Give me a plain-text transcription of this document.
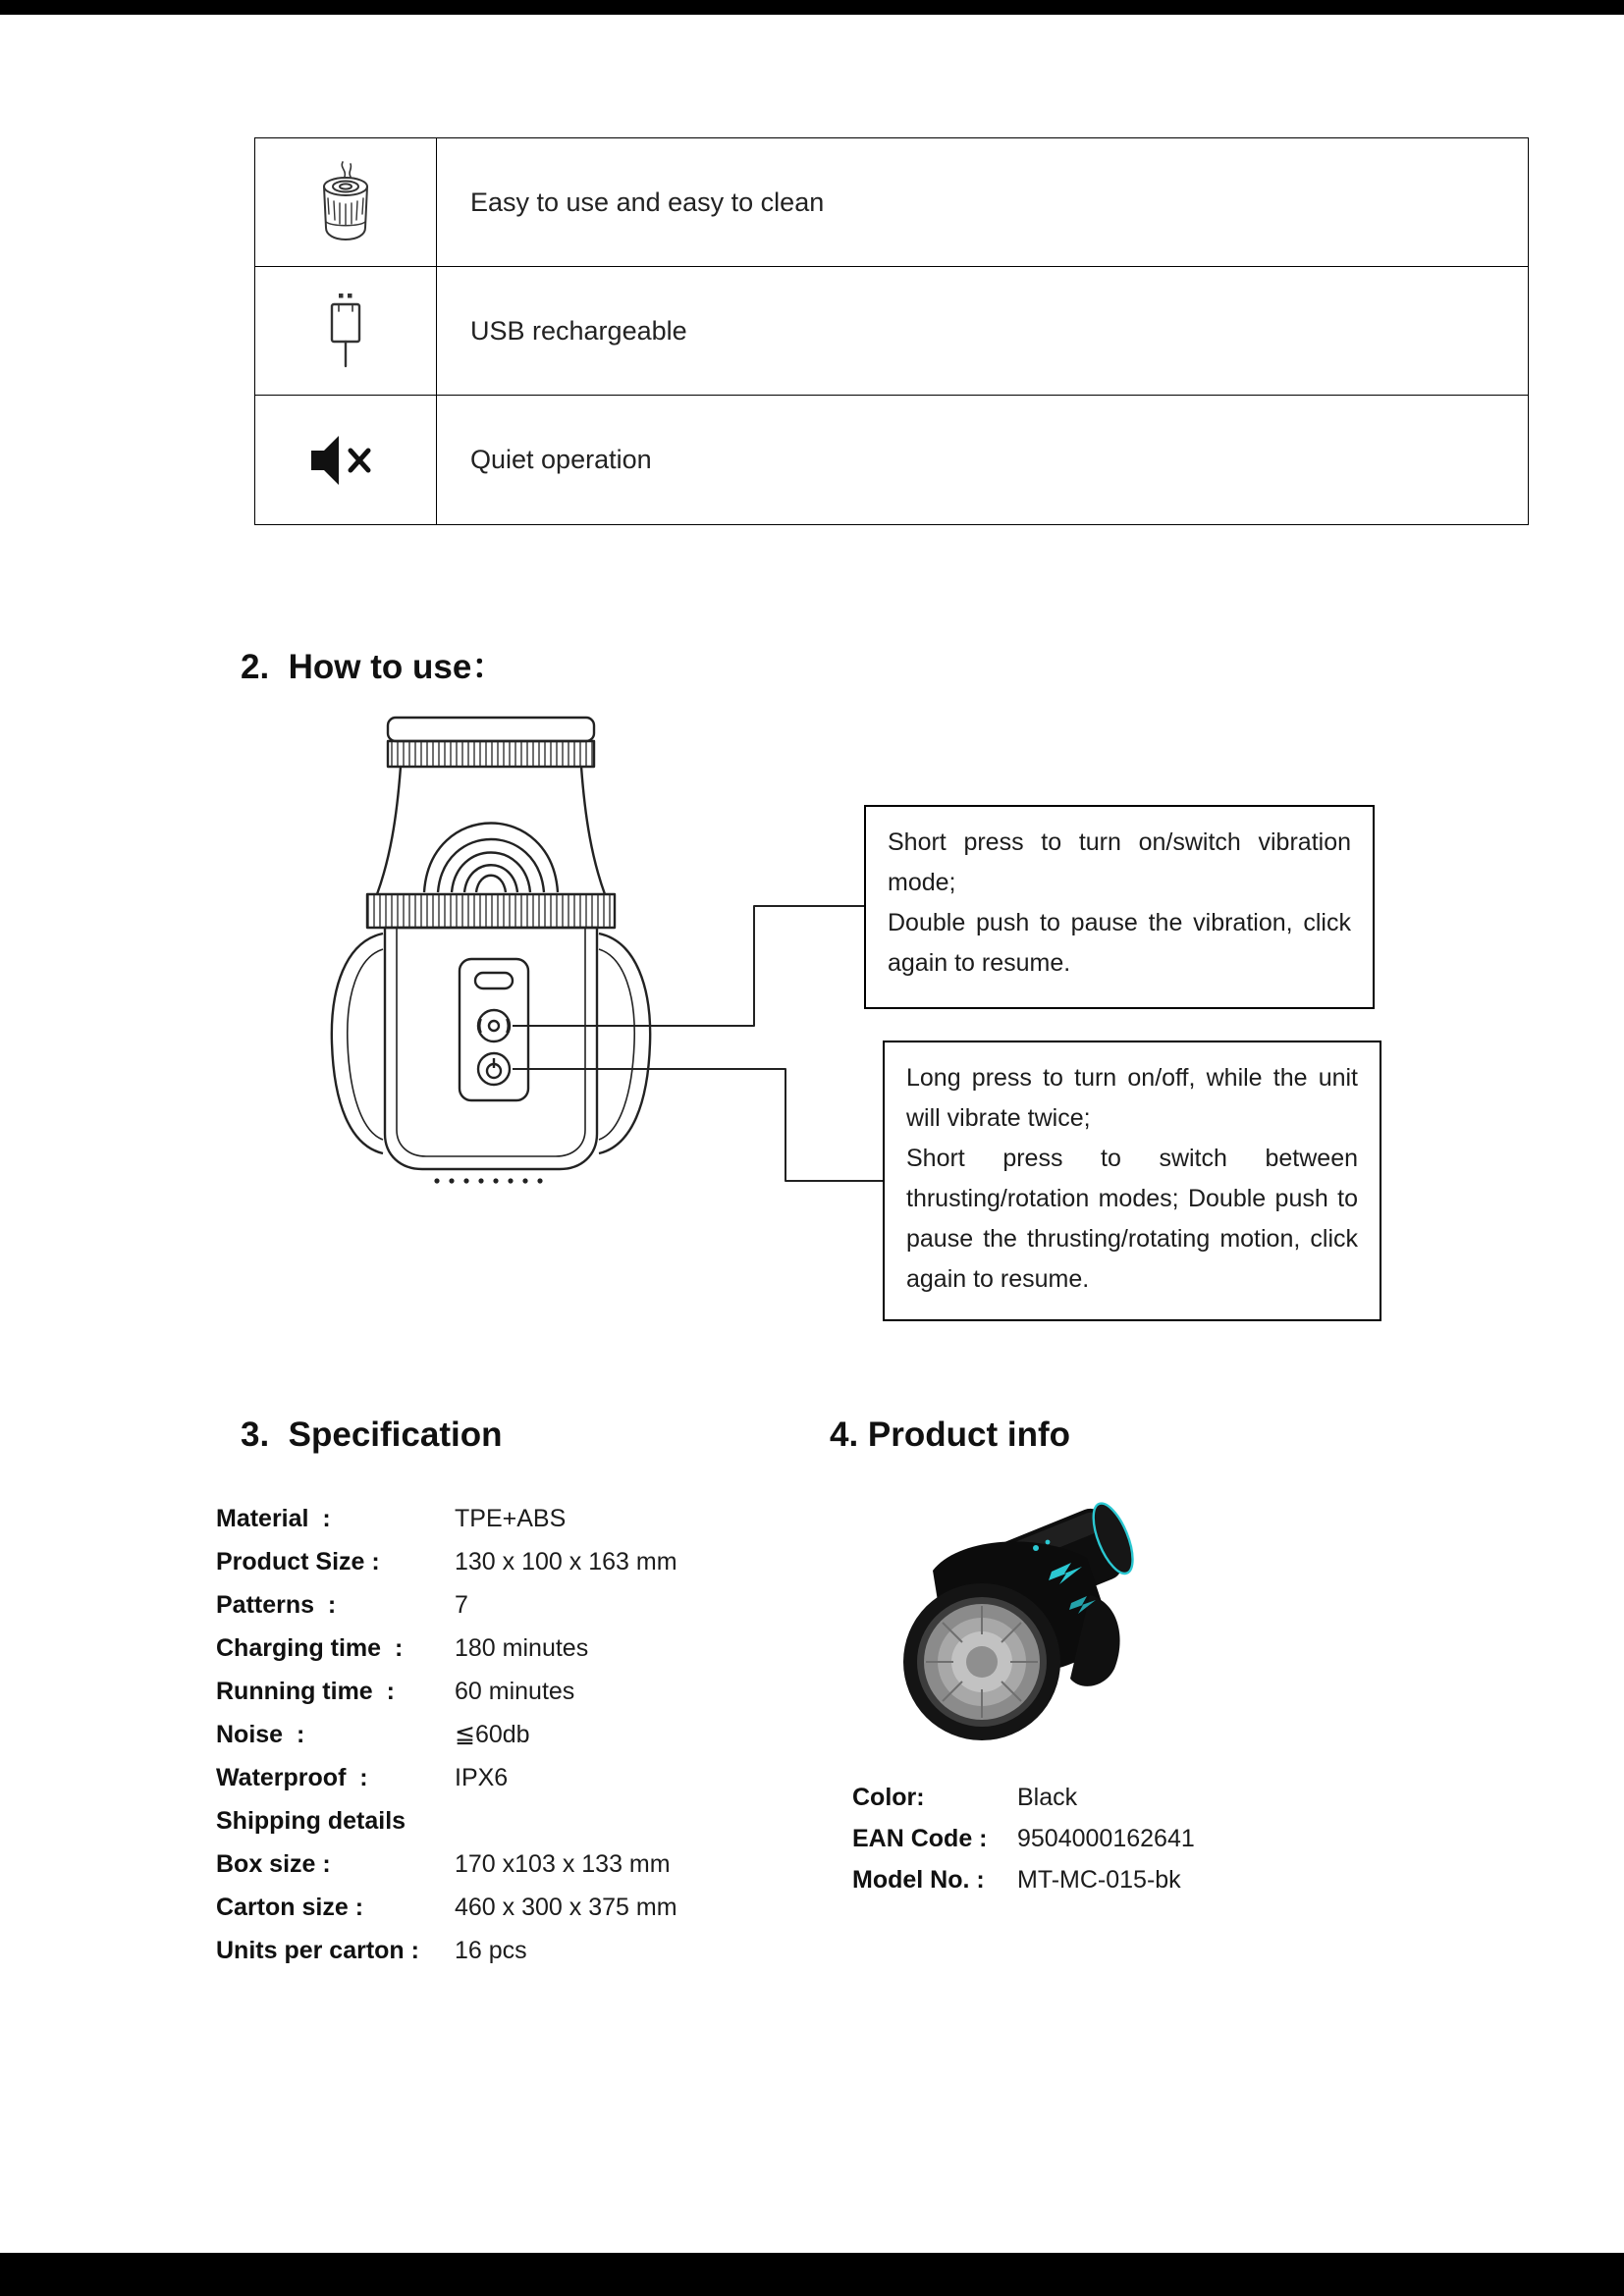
Easy to use and easy to clean
USB rechargeable
Quiet operation
2.  How to use：

Short press to turn on/switch vibration mode;

Double push to pause the vibration, click again to resume.

Long press to turn on/off, while the unit will vibrate twice;

Short press to switch between thrusting/rotation modes; Double push to pause the thrusting/rotating motion, click again to resume.

3.  Specification
Material  :	TPE+ABS
Product Size :	130 x 100 x 163 mm
Patterns  :	7
Charging time  :	180 minutes
Running time  :	60 minutes
Noise  :	≦60db
Waterproof  :	IPX6
Shipping details
Box size :	170 x103 x 133 mm
Carton size :	460 x 300 x 375 mm
Units per carton :	16 pcs
4. Product info
Color:	Black
EAN Code :	9504000162641
Model No. :	MT-MC-015-bk
